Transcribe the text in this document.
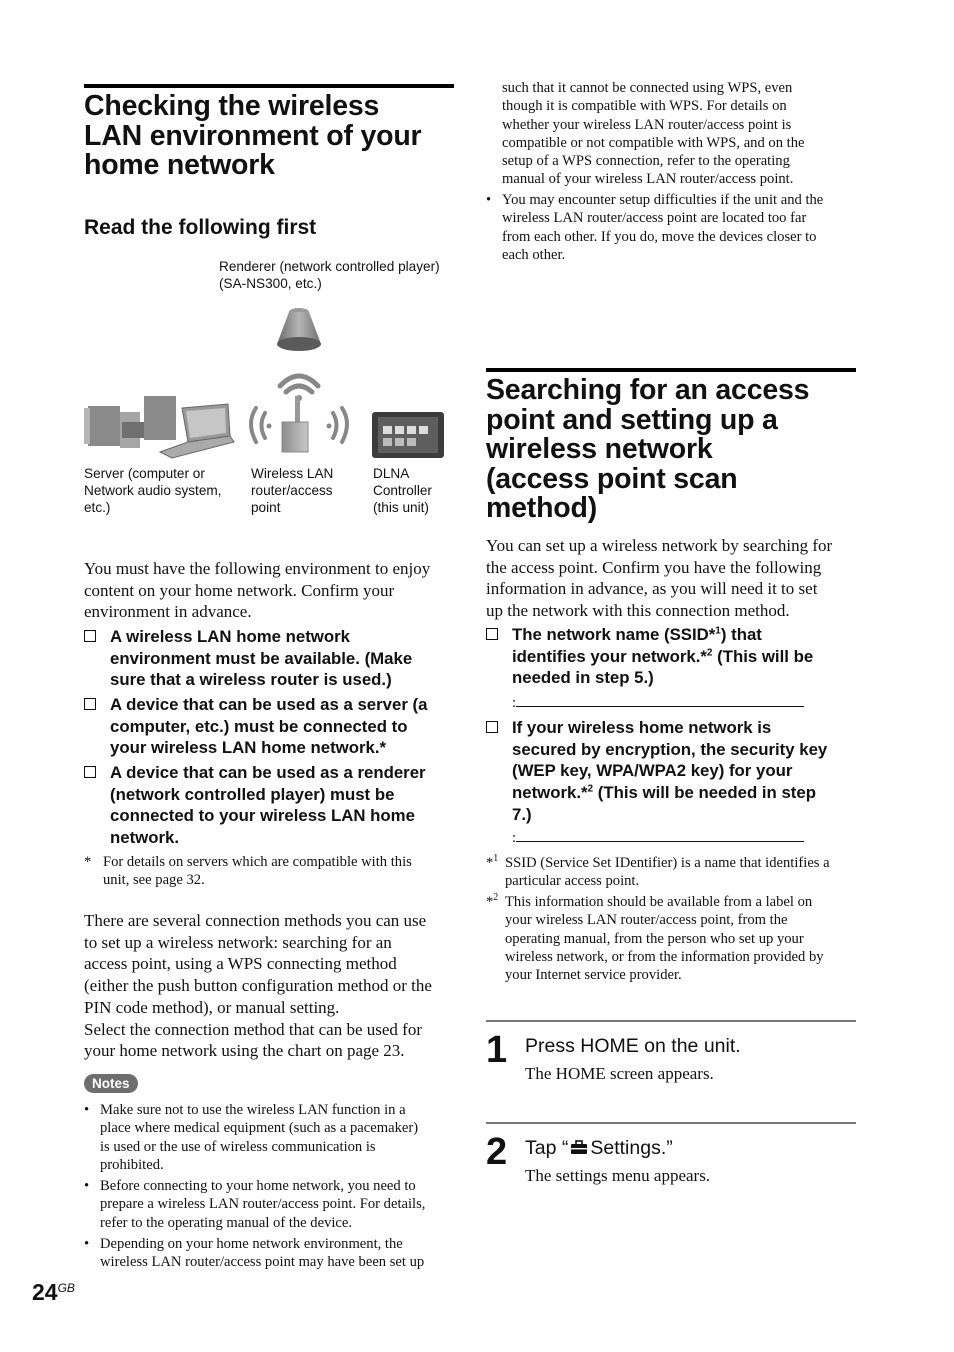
Checking the wireless
LAN environment of your
home network
Read the following first
Renderer (network controlled player)
(SA-NS300, etc.)
Server (computer or
Network audio system,
etc.)
Wireless LAN
router/access
point
DLNA
Controller
(this unit)
You must have the following environment to enjoy
content on your home network. Confirm your
environment in advance.
A wireless LAN home network
environment must be available. (Make
sure that a wireless router is used.)
A device that can be used as a server (a
computer, etc.) must be connected to
your wireless LAN home network.*
A device that can be used as a renderer
(network controlled player) must be
connected to your wireless LAN home
network.
* For details on servers which are compatible with this
unit, see page 32.
There are several connection methods you can use
to set up a wireless network: searching for an
access point, using a WPS connecting method
(either the push button configuration method or the
PIN code method), or manual setting.
Select the connection method that can be used for
your home network using the chart on page 23.
Notes
• Make sure not to use the wireless LAN function in a
place where medical equipment (such as a pacemaker)
is used or the use of wireless communication is
prohibited.
• Before connecting to your home network, you need to
prepare a wireless LAN router/access point. For details,
refer to the operating manual of the device.
• Depending on your home network environment, the
wireless LAN router/access point may have been set up
$24^{GB}$
such that it cannot be connected using WPS, even
though it is compatible with WPS. For details on
whether your wireless LAN router/access point is
compatible or not compatible with WPS, and on the
setup of a WPS connection, refer to the operating
manual of your wireless LAN router/access point.
• You may encounter setup difficulties if the unit and the
wireless LAN router/access point are located too far
from each other. If you do, move the devices closer to
each other.
Searching for an access
point and setting up a
wireless network
(access point scan
method)
You can set up a wireless network by searching for
the access point. Confirm you have the following
information in advance, as you will need it to set
up the network with this connection method.
The network name (SSID*$^1$) that
identifies your network.*$^2$ (This will be
needed in step 5.)
:
If your wireless home network is
secured by encryption, the security key
(WEP key, WPA/WPA2 key) for your
network.*$^2$ (This will be needed in step
7.)
:
*$^1$ SSID (Service Set IDentifier) is a name that identifies a
particular access point.
*$^2$ This information should be available from a label on
your wireless LAN router/access point, from the
operating manual, from the person who set up your
wireless network, or from the information provided by
your Internet service provider.
1 Press HOME on the unit.
The HOME screen appears.
2 Tap “ Settings.”
The settings menu appears.
